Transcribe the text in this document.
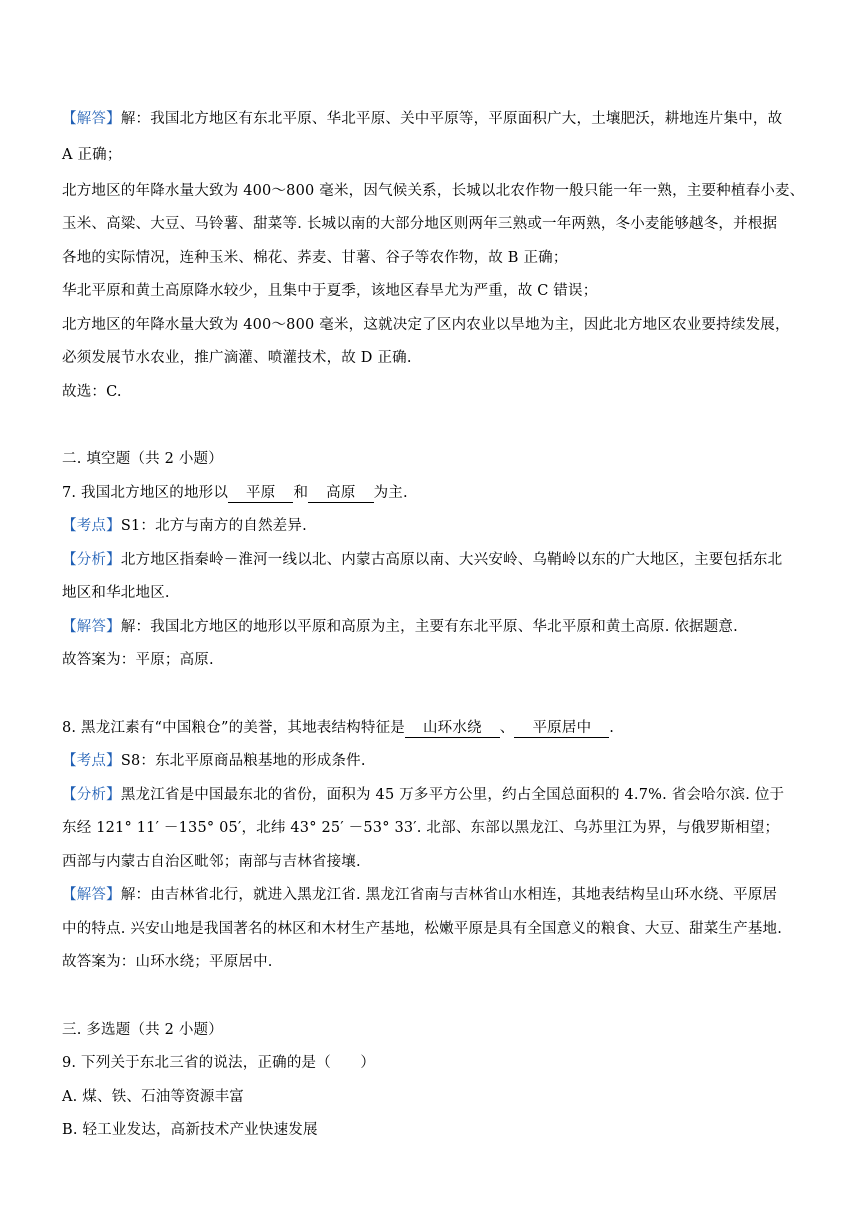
【解答】解：我国北方地区有东北平原、华北平原、关中平原等，平原面积广大，土壤肥沃，耕地连片集中，故
A 正确；
北方地区的年降水量大致为 400～800 毫米，因气候关系，长城以北农作物一般只能一年一熟，主要种植春小麦、
玉米、高粱、大豆、马铃薯、甜菜等. 长城以南的大部分地区则两年三熟或一年两熟，冬小麦能够越冬，并根据
各地的实际情况，连种玉米、棉花、荞麦、甘薯、谷子等农作物，故 B 正确；
华北平原和黄土高原降水较少，且集中于夏季，该地区春旱尤为严重，故 C 错误；
北方地区的年降水量大致为 400～800 毫米，这就决定了区内农业以旱地为主，因此北方地区农业要持续发展，
必须发展节水农业，推广滴灌、喷灌技术，故 D 正确.
故选：C.
二. 填空题（共 2 小题）
7. 我国北方地区的地形以 平原 和 高原 为主.
【考点】S1：北方与南方的自然差异.
【分析】北方地区指秦岭－淮河一线以北、内蒙古高原以南、大兴安岭、乌鞘岭以东的广大地区，主要包括东北
地区和华北地区.
【解答】解：我国北方地区的地形以平原和高原为主，主要有东北平原、华北平原和黄土高原. 依据题意.
故答案为：平原；高原.
8. 黑龙江素有“中国粮仓”的美誉，其地表结构特征是 山环水绕 、 平原居中 .
【考点】S8：东北平原商品粮基地的形成条件.
【分析】黑龙江省是中国最东北的省份，面积为 45 万多平方公里，约占全国总面积的 4.7%. 省会哈尔滨. 位于
东经 121° 11′ －135° 05′，北纬 43° 25′ －53° 33′. 北部、东部以黑龙江、乌苏里江为界，与俄罗斯相望；
西部与内蒙古自治区毗邻；南部与吉林省接壤.
【解答】解：由吉林省北行，就进入黑龙江省. 黑龙江省南与吉林省山水相连，其地表结构呈山环水绕、平原居
中的特点. 兴安山地是我国著名的林区和木材生产基地，松嫩平原是具有全国意义的粮食、大豆、甜菜生产基地.
故答案为：山环水绕；平原居中.
三. 多选题（共 2 小题）
9. 下列关于东北三省的说法，正确的是（　　）
A. 煤、铁、石油等资源丰富
B. 轻工业发达，高新技术产业快速发展
